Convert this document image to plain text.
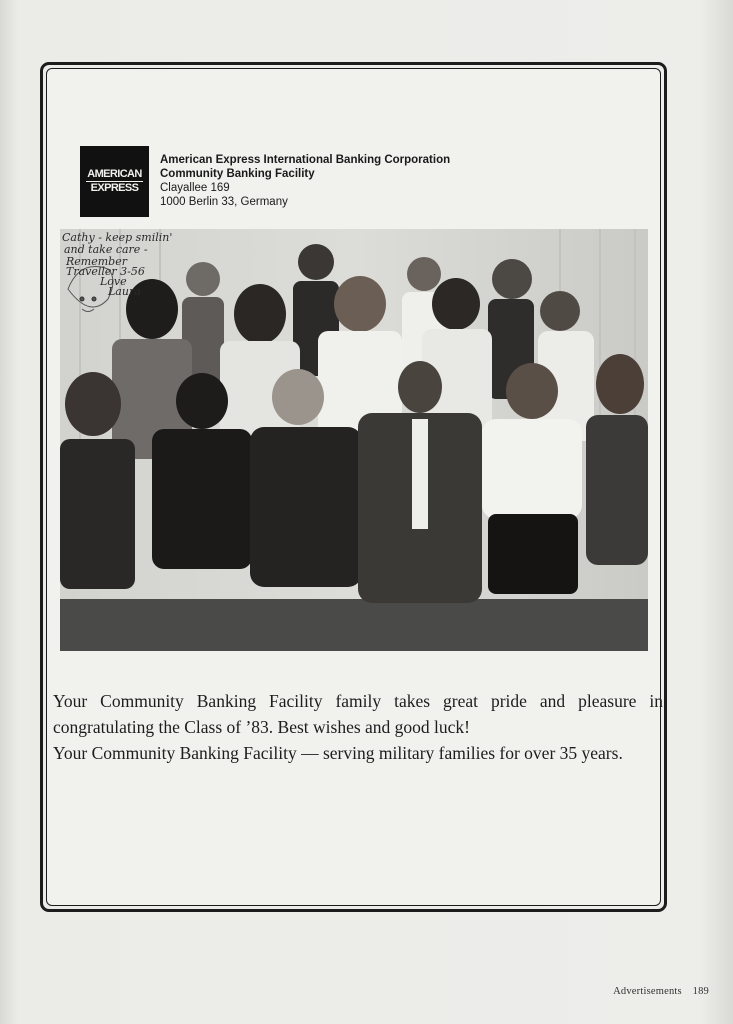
AMERICAN
EXPRESS
American Express International Banking Corporation
Community Banking Facility
Clayallee 169
1000 Berlin 33, Germany
Cathy - keep smilin'
and take care -
Remember
Traveller 3-56
Love
Laura

Your Community Banking Facility family takes great pride and pleasure in congratulating the Class of ’83. Best wishes and good luck!

Your Community Banking Facility — serving military families for over 35 years.

Advertisements 189
